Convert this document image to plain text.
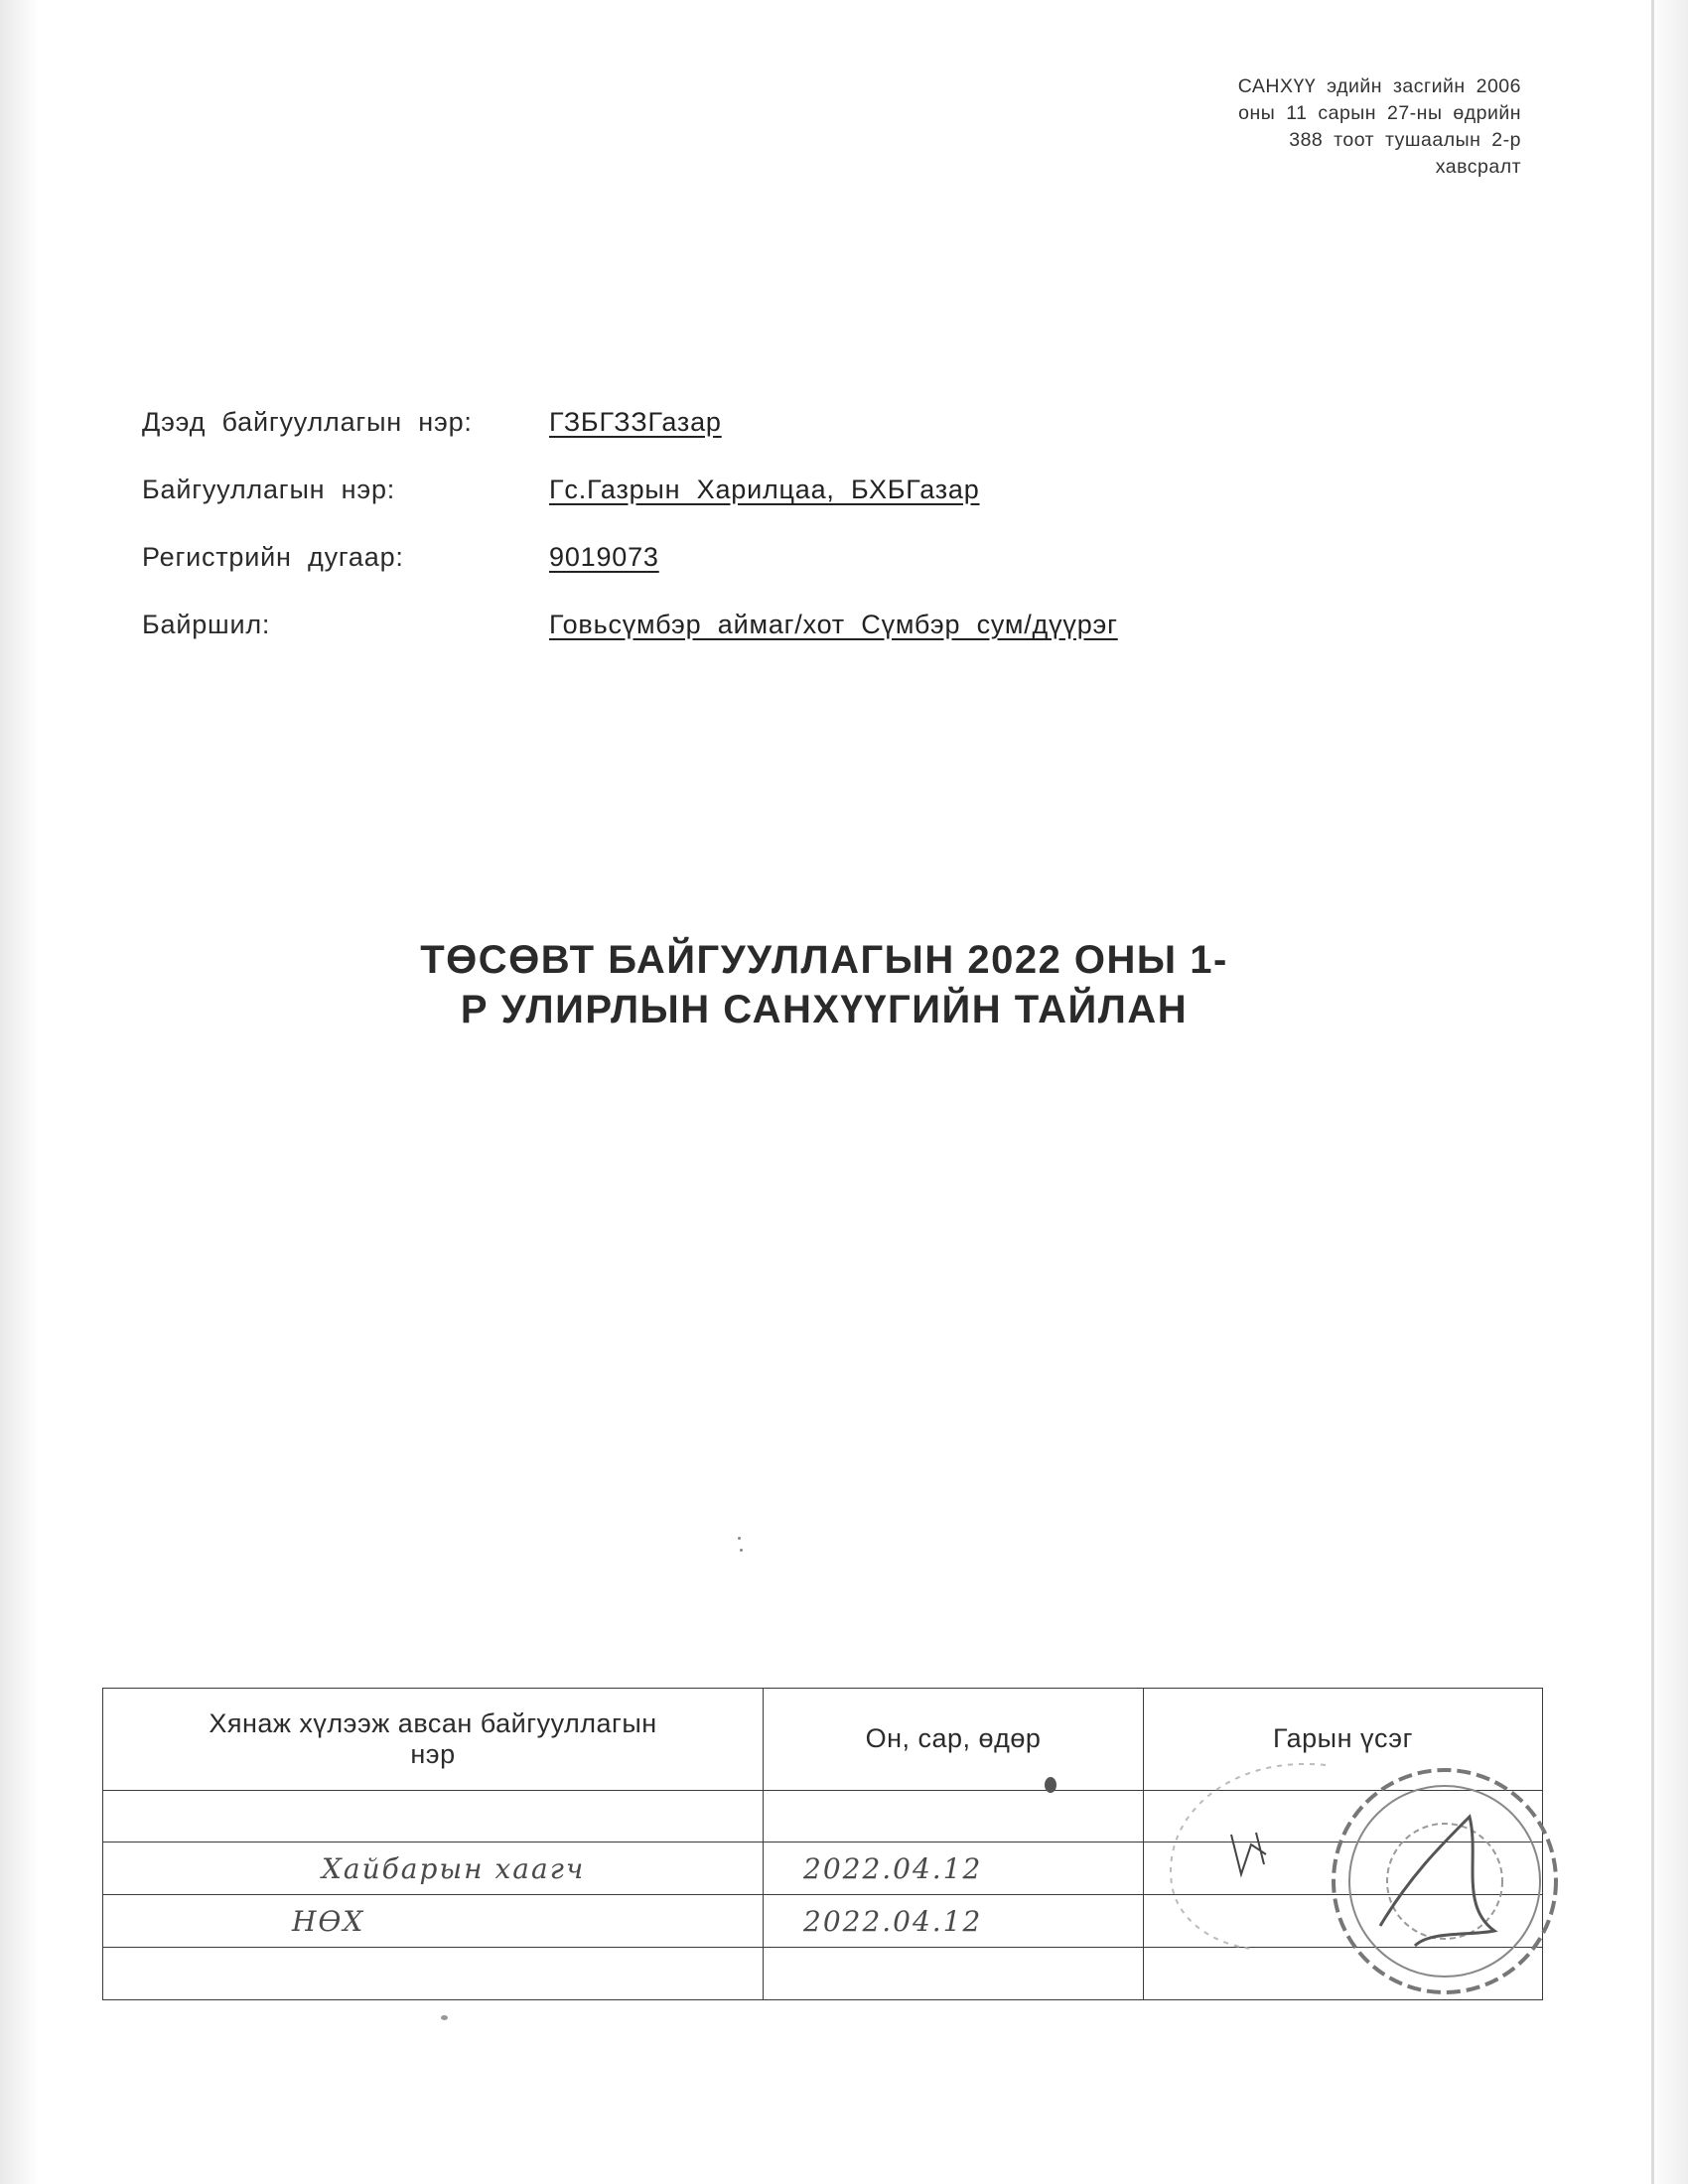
САНХҮҮ эдийн засгийн 2006
оны 11 сарын 27-ны өдрийн
388 тоот тушаалын 2-р
хавсралт
Дээд байгууллагын нэр:	ГЗБГЗЗГазар
Байгууллагын нэр:	Гс.Газрын Харилцаа, БХБГазар
Регистрийн дугаар:	9019073
Байршил:	Говьсүмбэр аймаг/хот Сүмбэр сум/дүүрэг
ТӨСӨВТ БАЙГУУЛЛАГЫН 2022 ОНЫ 1-
Р УЛИРЛЫН САНХҮҮГИЙН ТАЙЛАН
Хянаж хүлээж авсан байгууллагын
нэр	Он, сар, өдөр	Гарын үсэг

Хайбарын хаагч	2022.04.12	
НӨХ	2022.04.12	
